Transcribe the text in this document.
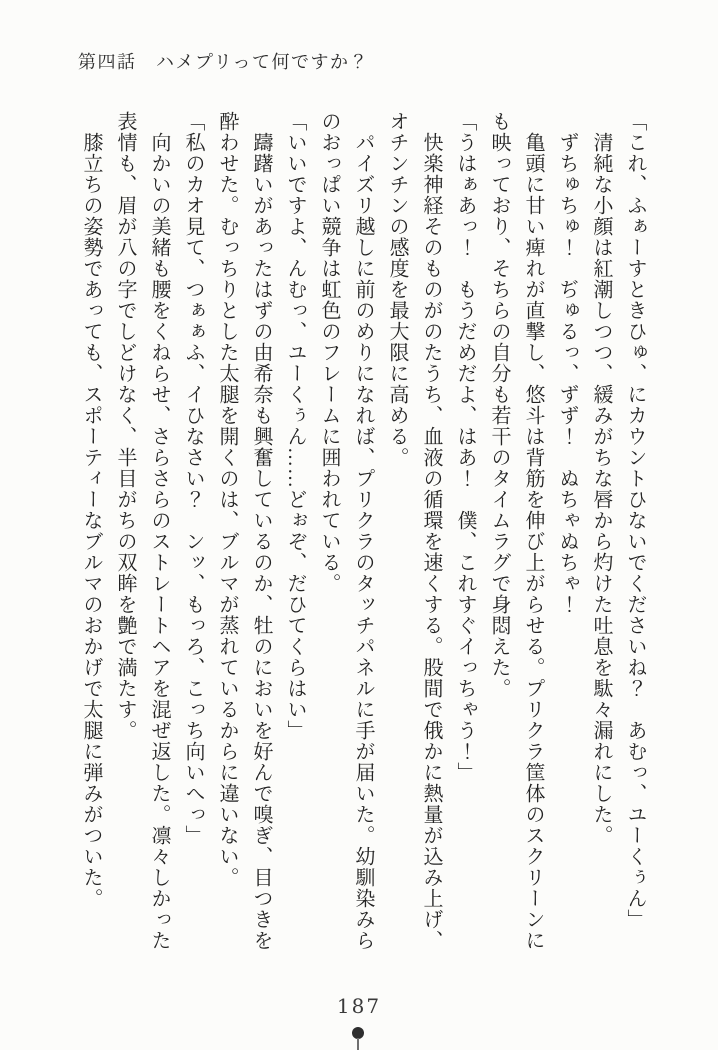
第四話　ハメプリって何ですか？
「これ、ふぁーすときひゅ、にカウントひないでくださいね？　あむっ、ユーくぅん」
　清純な小顔は紅潮しつつ、緩みがちな唇から灼けた吐息を駄々漏れにした。
　ずちゅちゅ！　ぢゅるっ、ずず！　ぬちゃぬちゃ！
　亀頭に甘い痺れが直撃し、悠斗は背筋を伸び上がらせる。プリクラ筐体のスクリーンに
も映っており、そちらの自分も若干のタイムラグで身悶えた。
「うはぁあっ！　もうだめだよ、はあ！　僕、これすぐイっちゃう！」
　快楽神経そのものがのたうち、血液の循環を速くする。股間で俄かに熱量が込み上げ、
オチンチンの感度を最大限に高める。
　パイズリ越しに前のめりになれば、プリクラのタッチパネルに手が届いた。幼馴染みら
のおっぱい競争は虹色のフレームに囲われている。
「いいですよ、んむっ、ユーくぅん……どぉぞ、だひてくらはい」
　躊躇いがあったはずの由希奈も興奮しているのか、牡のにおいを好んで嗅ぎ、目つきを
酔わせた。むっちりとした太腿を開くのは、ブルマが蒸れているからに違いない。
「私のカオ見て、つぁぁふ、イひなさい？　ンッ、もっろ、こっち向いへっ」
　向かいの美緒も腰をくねらせ、さらさらのストレートヘアを混ぜ返した。凛々しかった
表情も、眉が八の字でしどけなく、半目がちの双眸を艶で満たす。
　膝立ちの姿勢であっても、スポーティーなブルマのおかげで太腿に弾みがついた。
187
